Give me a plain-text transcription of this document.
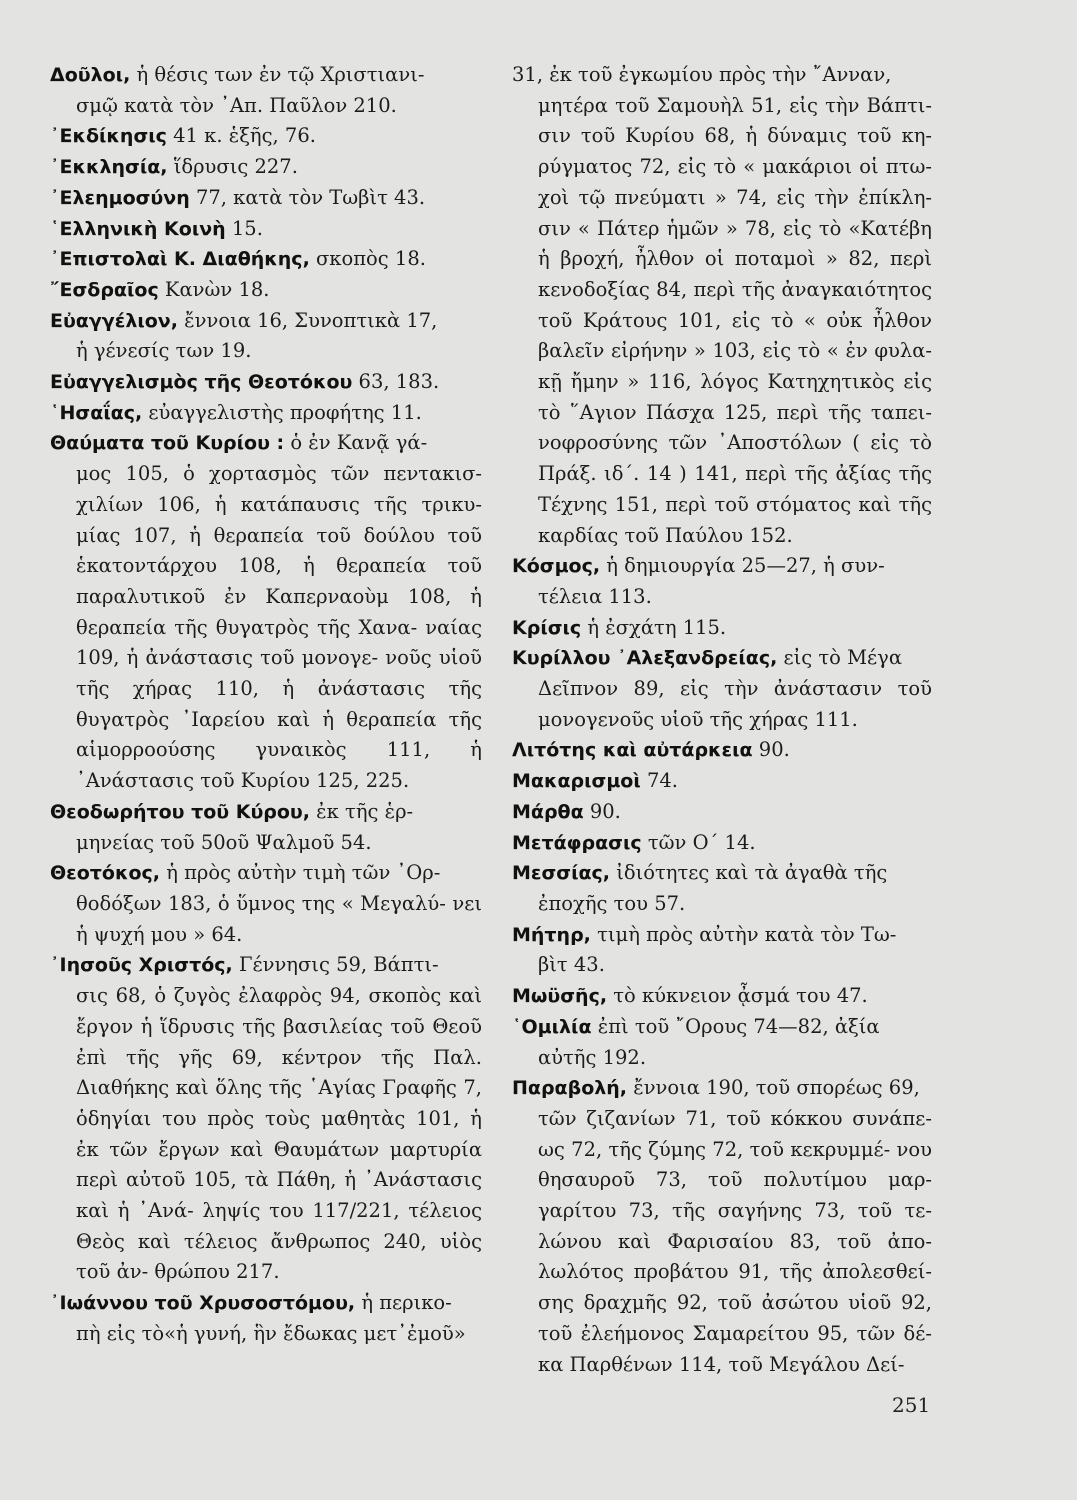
Δοῦλοι, ἡ θέσις των ἐν τῷ Χριστιανι-
σμῷ κατὰ τὸν ᾿Απ. Παῦλον 210.
᾿Εκδίκησις 41 κ. ἑξῆς, 76.
᾿Εκκλησία, ἵδρυσις 227.
᾿Ελεημοσύνη 77, κατὰ τὸν Τωβὶτ 43.
῾Ελληνικὴ Κοινὴ 15.
᾿Επιστολαὶ Κ. Διαθήκης, σκοπὸς 18.
῎Εσδραῖος Κανὼν 18.
Εὐαγγέλιον, ἔννοια 16, Συνοπτικὰ 17,
ἡ γένεσίς των 19.
Εὐαγγελισμὸς τῆς Θεοτόκου 63, 183.
῾Ησαΐας, εὐαγγελιστὴς προφήτης 11.
Θαύματα τοῦ Κυρίου : ὁ ἐν Κανᾷ γά-
μος 105, ὁ χορτασμὸς τῶν πεντακισ- χιλίων 106, ἡ κατάπαυσις τῆς τρικυ- μίας 107, ἡ θεραπεία τοῦ δούλου τοῦ ἑκατοντάρχου 108, ἡ θεραπεία τοῦ παραλυτικοῦ ἐν Καπερναοὺμ 108, ἡ θεραπεία τῆς θυγατρὸς τῆς Χανα- ναίας 109, ἡ ἀνάστασις τοῦ μονογε- νοῦς υἱοῦ τῆς χήρας 110, ἡ ἀνάστασις τῆς θυγατρὸς ᾿Ιαρείου καὶ ἡ θεραπεία τῆς αἱμορροούσης γυναικὸς 111, ἡ ᾿Ανάστασις τοῦ Κυρίου 125, 225.
Θεοδωρήτου τοῦ Κύρου, ἐκ τῆς ἑρ-
μηνείας τοῦ 50οῦ Ψαλμοῦ 54.
Θεοτόκος, ἡ πρὸς αὐτὴν τιμὴ τῶν ᾿Ορ-
θοδόξων 183, ὁ ὕμνος της « Μεγαλύ- νει ἡ ψυχή μου » 64.
᾿Ιησοῦς Χριστός, Γέννησις 59, Βάπτι-
σις 68, ὁ ζυγὸς ἐλαφρὸς 94, σκοπὸς καὶ ἔργον ἡ ἵδρυσις τῆς βασιλείας τοῦ Θεοῦ ἐπὶ τῆς γῆς 69, κέντρον τῆς Παλ. Διαθήκης καὶ ὅλης τῆς ῾Αγίας Γραφῆς 7, ὁδηγίαι του πρὸς τοὺς μαθητὰς 101, ἡ ἐκ τῶν ἔργων καὶ Θαυμάτων μαρτυρία περὶ αὐτοῦ 105, τὰ Πάθη, ἡ ᾿Ανάστασις καὶ ἡ ᾿Ανά- ληψίς του 117/221, τέλειος Θεὸς καὶ τέλειος ἄνθρωπος 240, υἱὸς τοῦ ἀν- θρώπου 217.
᾿Ιωάννου τοῦ Χρυσοστόμου, ἡ περικο-
πὴ εἰς τὸ«ἡ γυνή, ἣν ἔδωκας μετ᾿ἐμοῦ»
31, ἐκ τοῦ ἐγκωμίου πρὸς τὴν ῎Ανναν,
μητέρα τοῦ Σαμουὴλ 51, εἰς τὴν Βάπτι- σιν τοῦ Κυρίου 68, ἡ δύναμις τοῦ κη- ρύγματος 72, εἰς τὸ « μακάριοι οἱ πτω- χοὶ τῷ πνεύματι » 74, εἰς τὴν ἐπίκλη- σιν « Πάτερ ἡμῶν » 78, εἰς τὸ «Κατέβη ἡ βροχή, ἦλθον οἱ ποταμοὶ » 82, περὶ κενοδοξίας 84, περὶ τῆς ἀναγκαιότητος τοῦ Κράτους 101, εἰς τὸ « οὐκ ἦλθον βαλεῖν εἰρήνην » 103, εἰς τὸ « ἐν φυλα- κῇ ἤμην » 116, λόγος Κατηχητικὸς εἰς τὸ ῞Αγιον Πάσχα 125, περὶ τῆς ταπει- νοφροσύνης τῶν ᾿Αποστόλων ( εἰς τὸ Πράξ. ιδ΄. 14 ) 141, περὶ τῆς ἀξίας τῆς Τέχνης 151, περὶ τοῦ στόματος καὶ τῆς καρδίας τοῦ Παύλου 152.
Κόσμος, ἡ δημιουργία 25—27, ἡ συν-
τέλεια 113.
Κρίσις ἡ ἐσχάτη 115.
Κυρίλλου ᾿Αλεξανδρείας, εἰς τὸ Μέγα
Δεῖπνον 89, εἰς τὴν ἀνάστασιν τοῦ μονογενοῦς υἱοῦ τῆς χήρας 111.
Λιτότης καὶ αὐτάρκεια 90.
Μακαρισμοὶ 74.
Μάρθα 90.
Μετάφρασις τῶν Ο΄ 14.
Μεσσίας, ἰδιότητες καὶ τὰ ἀγαθὰ τῆς
ἐποχῆς του 57.
Μήτηρ, τιμὴ πρὸς αὐτὴν κατὰ τὸν Τω-
βὶτ 43.
Μωϋσῆς, τὸ κύκνειον ᾆσμά του 47.
῾Ομιλία ἐπὶ τοῦ ῎Ορους 74—82, ἀξία
αὐτῆς 192.
Παραβολή, ἔννοια 190, τοῦ σπορέως 69,
τῶν ζιζανίων 71, τοῦ κόκκου συνάπε- ως 72, τῆς ζύμης 72, τοῦ κεκρυμμέ- νου θησαυροῦ 73, τοῦ πολυτίμου μαρ- γαρίτου 73, τῆς σαγήνης 73, τοῦ τε- λώνου καὶ Φαρισαίου 83, τοῦ ἀπο- λωλότος προβάτου 91, τῆς ἀπολεσθεί- σης δραχμῆς 92, τοῦ ἀσώτου υἱοῦ 92, τοῦ ἐλεήμονος Σαμαρείτου 95, τῶν δέ- κα Παρθένων 114, τοῦ Μεγάλου Δεί-
251
